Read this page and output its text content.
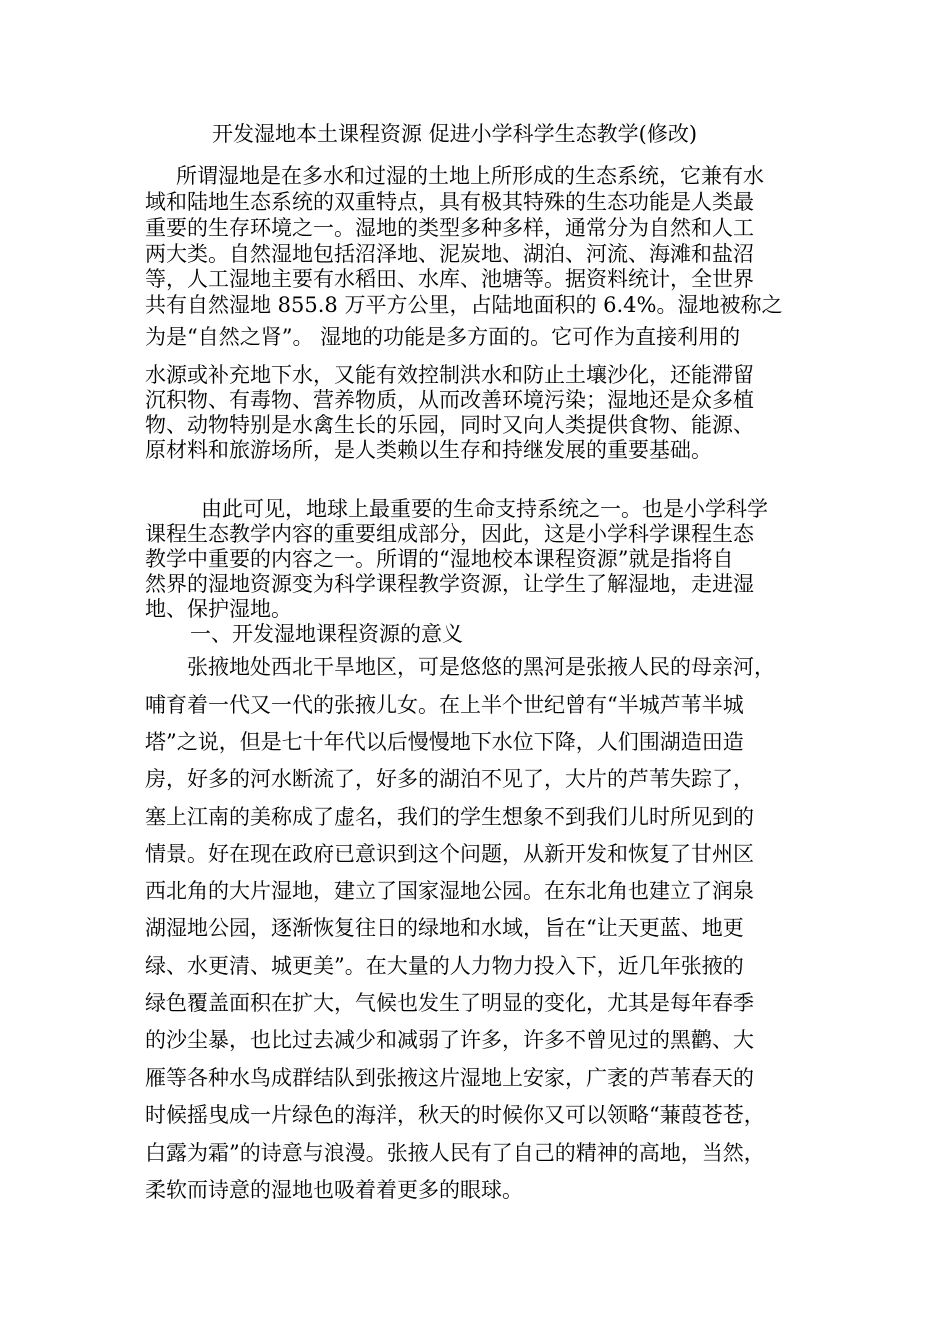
开发湿地本土课程资源 促进小学科学生态教学(修改)
所谓湿地是在多水和过湿的土地上所形成的生态系统，它兼有水
域和陆地生态系统的双重特点，具有极其特殊的生态功能是人类最
重要的生存环境之一。湿地的类型多种多样，通常分为自然和人工
两大类。自然湿地包括沼泽地、泥炭地、湖泊、河流、海滩和盐沼
等，人工湿地主要有水稻田、水库、池塘等。据资料统计，全世界
共有自然湿地 855.8 万平方公里，占陆地面积的 6.4%。湿地被称之
为是“自然之肾”。 湿地的功能是多方面的。它可作为直接利用的
水源或补充地下水，又能有效控制洪水和防止土壤沙化，还能滞留
沉积物、有毒物、营养物质，从而改善环境污染；湿地还是众多植
物、动物特别是水禽生长的乐园，同时又向人类提供食物、能源、
原材料和旅游场所，是人类赖以生存和持继发展的重要基础。
由此可见，地球上最重要的生命支持系统之一。也是小学科学
课程生态教学内容的重要组成部分，因此，这是小学科学课程生态
教学中重要的内容之一。所谓的“湿地校本课程资源”就是指将自
然界的湿地资源变为科学课程教学资源，让学生了解湿地，走进湿
地、保护湿地。
一、开发湿地课程资源的意义
张掖地处西北干旱地区，可是悠悠的黑河是张掖人民的母亲河，
哺育着一代又一代的张掖儿女。在上半个世纪曾有“半城芦苇半城
塔”之说，但是七十年代以后慢慢地下水位下降，人们围湖造田造
房，好多的河水断流了，好多的湖泊不见了，大片的芦苇失踪了，
塞上江南的美称成了虚名，我们的学生想象不到我们儿时所见到的
情景。好在现在政府已意识到这个问题，从新开发和恢复了甘州区
西北角的大片湿地，建立了国家湿地公园。在东北角也建立了润泉
湖湿地公园，逐渐恢复往日的绿地和水域，旨在“让天更蓝、地更
绿、水更清、城更美”。在大量的人力物力投入下，近几年张掖的
绿色覆盖面积在扩大，气候也发生了明显的变化，尤其是每年春季
的沙尘暴，也比过去减少和减弱了许多，许多不曾见过的黑鹳、大
雁等各种水鸟成群结队到张掖这片湿地上安家，广袤的芦苇春天的
时候摇曳成一片绿色的海洋，秋天的时候你又可以领略“蒹葭苍苍，
白露为霜”的诗意与浪漫。张掖人民有了自己的精神的高地，当然，
柔软而诗意的湿地也吸着着更多的眼球。
